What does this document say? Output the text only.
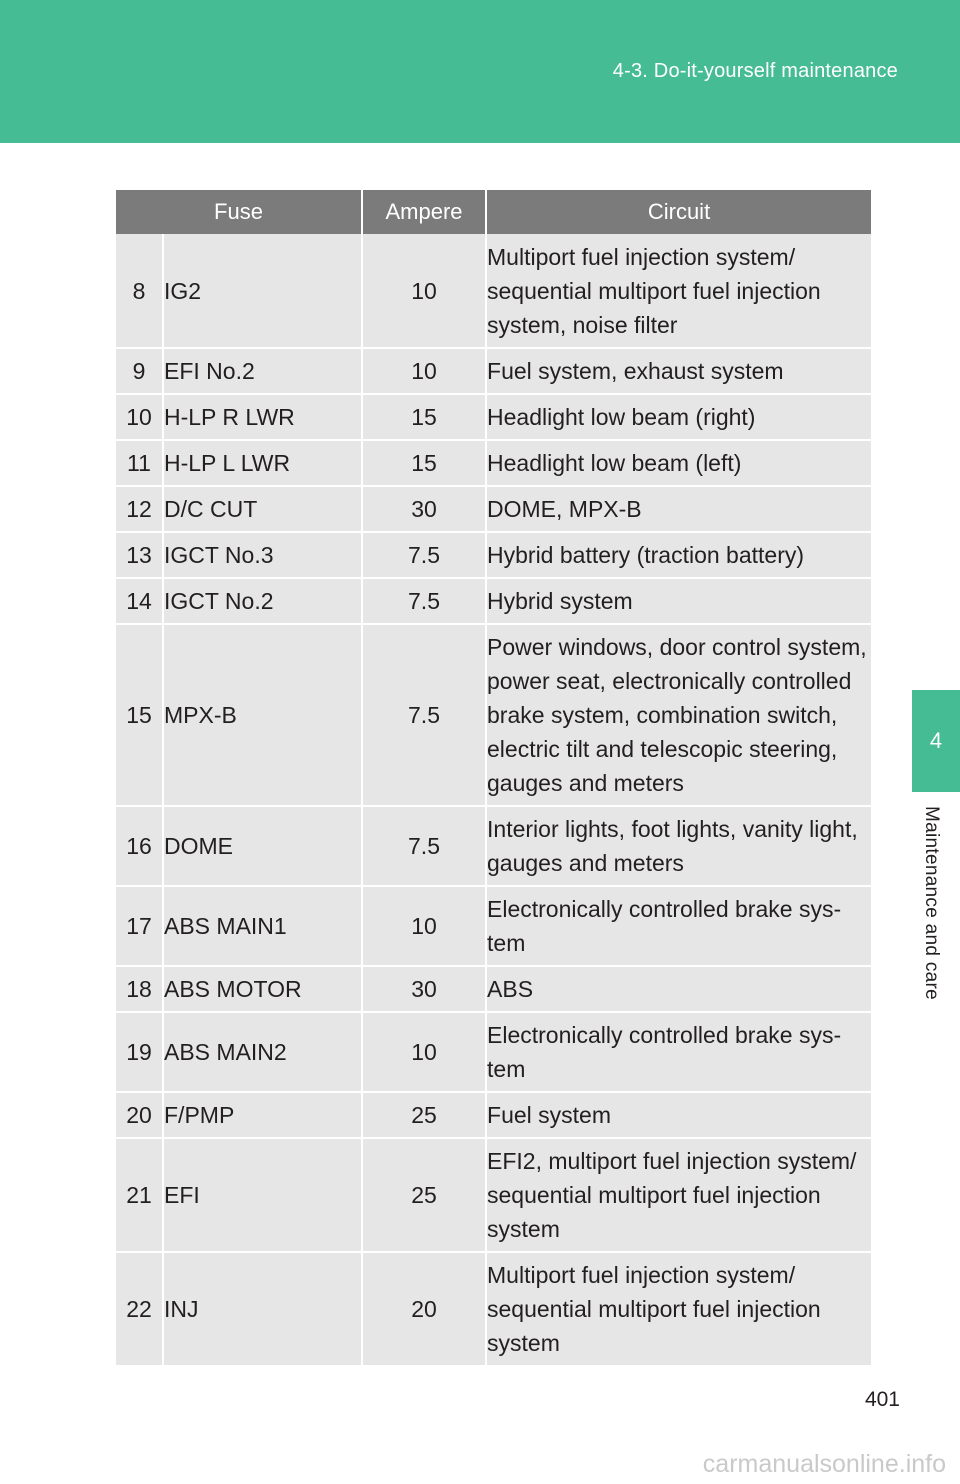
4-3. Do-it-yourself maintenance
4
Maintenance and care
Fuse		Ampere	Circuit
8	IG2	10	Multiport fuel injection system/ sequential multiport fuel injection system, noise filter
9	EFI No.2	10	Fuel system, exhaust system
10	H-LP R LWR	15	Headlight low beam (right)
11	H-LP L LWR	15	Headlight low beam (left)
12	D/C CUT	30	DOME, MPX-B
13	IGCT No.3	7.5	Hybrid battery (traction battery)
14	IGCT No.2	7.5	Hybrid system
15	MPX-B	7.5	Power windows, door control system, power seat, electronically controlled brake system, combination switch, electric tilt and telescopic steering, gauges and meters
16	DOME	7.5	Interior lights, foot lights, vanity light, gauges and meters
17	ABS MAIN1	10	Electronically controlled brake sys- tem
18	ABS MOTOR	30	ABS
19	ABS MAIN2	10	Electronically controlled brake sys- tem
20	F/PMP	25	Fuel system
21	EFI	25	EFI2, multiport fuel injection system/ sequential multiport fuel injection system
22	INJ	20	Multiport fuel injection system/ sequential multiport fuel injection system
401
carmanualsonline.info
